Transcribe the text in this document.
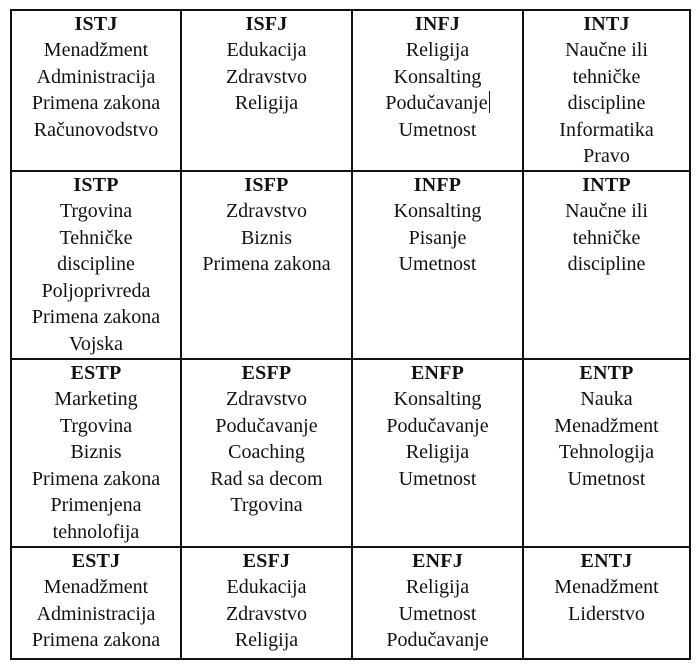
ISTJ
Menadžment
Administracija
Primena zakona
Računovodstvo
ISFJ
Edukacija
Zdravstvo
Religija
INFJ
Religija
Konsalting
Podučavanje
Umetnost
INTJ
Naučne ili
tehničke
discipline
Informatika
Pravo
ISTP
Trgovina
Tehničke
discipline
Poljoprivreda
Primena zakona
Vojska
ISFP
Zdravstvo
Biznis
Primena zakona
INFP
Konsalting
Pisanje
Umetnost
INTP
Naučne ili
tehničke
discipline
ESTP
Marketing
Trgovina
Biznis
Primena zakona
Primenjena
tehnolofija
ESFP
Zdravstvo
Podučavanje
Coaching
Rad sa decom
Trgovina
ENFP
Konsalting
Podučavanje
Religija
Umetnost
ENTP
Nauka
Menadžment
Tehnologija
Umetnost
ESTJ
Menadžment
Administracija
Primena zakona
ESFJ
Edukacija
Zdravstvo
Religija
ENFJ
Religija
Umetnost
Podučavanje
ENTJ
Menadžment
Liderstvo
